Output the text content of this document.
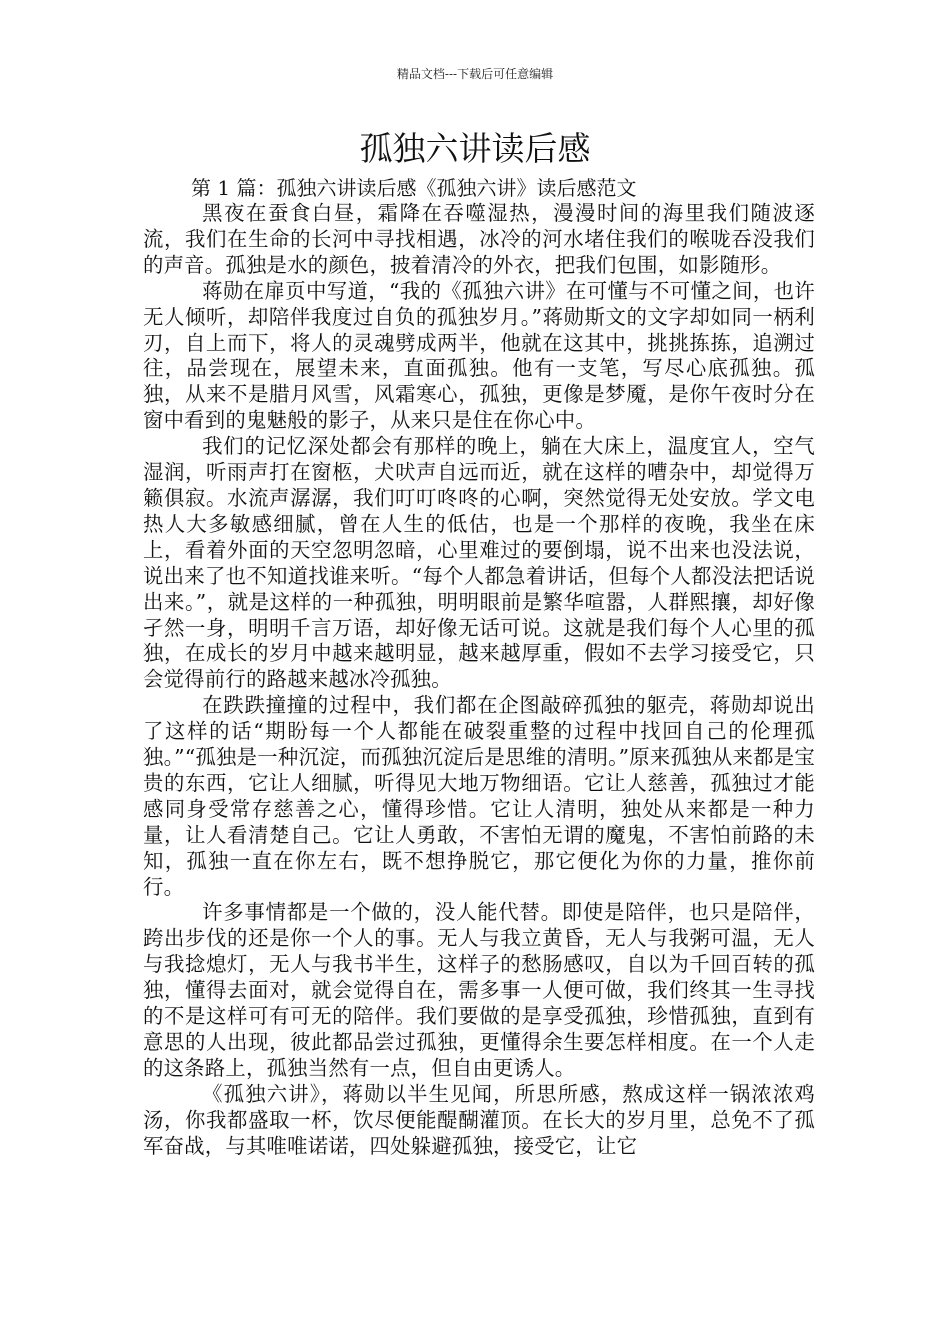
精品文档---下载后可任意编辑
孤独六讲读后感

第 1 篇：孤独六讲读后感《孤独六讲》读后感范文

黑夜在蚕食白昼，霜降在吞噬湿热，漫漫时间的海里我们随波逐流，我们在生命的长河中寻找相遇，冰冷的河水堵住我们的喉咙吞没我们的声音。孤独是水的颜色，披着清冷的外衣，把我们包围，如影随形。

蒋勋在扉页中写道，“我的《孤独六讲》在可懂与不可懂之间，也许无人倾听，却陪伴我度过自负的孤独岁月。”蒋勋斯文的文字却如同一柄利刃，自上而下，将人的灵魂劈成两半，他就在这其中，挑挑拣拣，追溯过往，品尝现在，展望未来，直面孤独。他有一支笔，写尽心底孤独。孤独，从来不是腊月风雪，风霜寒心，孤独，更像是梦魇，是你午夜时分在窗中看到的鬼魅般的影子，从来只是住在你心中。

我们的记忆深处都会有那样的晚上，躺在大床上，温度宜人，空气湿润，听雨声打在窗柩，犬吠声自远而近，就在这样的嘈杂中，却觉得万籁俱寂。水流声潺潺，我们叮叮咚咚的心啊，突然觉得无处安放。学文电热人大多敏感细腻，曾在人生的低估，也是一个那样的夜晚，我坐在床上，看着外面的天空忽明忽暗，心里难过的要倒塌，说不出来也没法说，说出来了也不知道找谁来听。“每个人都急着讲话，但每个人都没法把话说出来。”，就是这样的一种孤独，明明眼前是繁华喧嚣，人群熙攘，却好像孑然一身，明明千言万语，却好像无话可说。这就是我们每个人心里的孤独，在成长的岁月中越来越明显，越来越厚重，假如不去学习接受它，只会觉得前行的路越来越冰冷孤独。

在跌跌撞撞的过程中，我们都在企图敲碎孤独的躯壳，蒋勋却说出了这样的话“期盼每一个人都能在破裂重整的过程中找回自己的伦理孤独。”“孤独是一种沉淀，而孤独沉淀后是思维的清明。”原来孤独从来都是宝贵的东西，它让人细腻，听得见大地万物细语。它让人慈善，孤独过才能感同身受常存慈善之心，懂得珍惜。它让人清明，独处从来都是一种力量，让人看清楚自己。它让人勇敢，不害怕无谓的魔鬼，不害怕前路的未知，孤独一直在你左右，既不想挣脱它，那它便化为你的力量，推你前行。

许多事情都是一个做的，没人能代替。即使是陪伴，也只是陪伴，跨出步伐的还是你一个人的事。无人与我立黄昏，无人与我粥可温，无人与我捻熄灯，无人与我书半生，这样子的愁肠感叹，自以为千回百转的孤独，懂得去面对，就会觉得自在，需多事一人便可做，我们终其一生寻找的不是这样可有可无的陪伴。我们要做的是享受孤独，珍惜孤独，直到有意思的人出现，彼此都品尝过孤独，更懂得余生要怎样相度。在一个人走的这条路上，孤独当然有一点，但自由更诱人。

《孤独六讲》，蒋勋以半生见闻，所思所感，熬成这样一锅浓浓鸡汤，你我都盛取一杯，饮尽便能醍醐灌顶。在长大的岁月里，总免不了孤军奋战，与其唯唯诺诺，四处躲避孤独，接受它，让它
